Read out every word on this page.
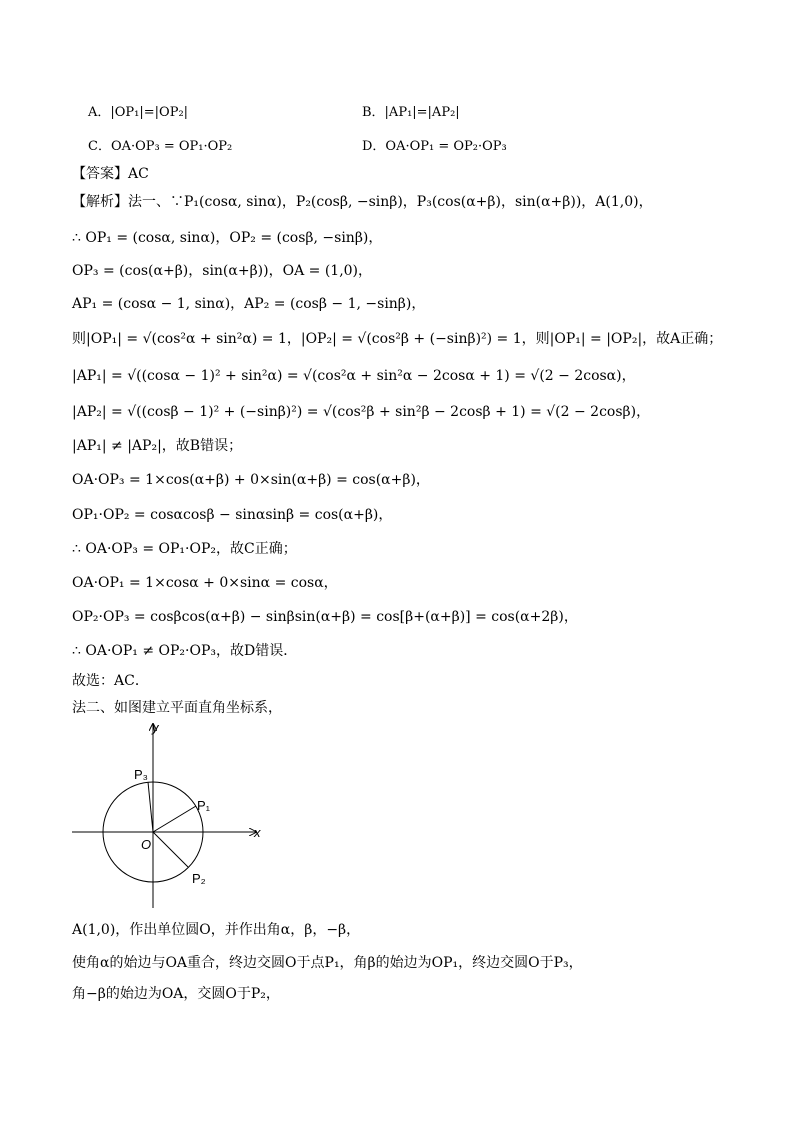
A．|OP₁|=|OP₂|	B．|AP₁|=|AP₂|
C．OA·OP₃ = OP₁·OP₂	D．OA·OP₁ = OP₂·OP₃
【答案】AC
【解析】法一、∵P₁(cosα, sinα)，P₂(cosβ, −sinβ)，P₃(cos(α+β)，sin(α+β))，A(1,0)，
∴ OP₁ = (cosα, sinα)，OP₂ = (cosβ, −sinβ)，
OP₃ = (cos(α+β)，sin(α+β))，OA = (1,0)，
AP₁ = (cosα − 1, sinα)，AP₂ = (cosβ − 1, −sinβ)，
则|OP₁| = √(cos²α + sin²α) = 1，|OP₂| = √(cos²β + (−sinβ)²) = 1，则|OP₁| = |OP₂|，故A正确；
|AP₁| = √((cosα − 1)² + sin²α) = √(cos²α + sin²α − 2cosα + 1) = √(2 − 2cosα)，
|AP₂| = √((cosβ − 1)² + (−sinβ)²) = √(cos²β + sin²β − 2cosβ + 1) = √(2 − 2cosβ)，
|AP₁| ≠ |AP₂|，故B错误；
OA·OP₃ = 1×cos(α+β) + 0×sin(α+β) = cos(α+β)，
OP₁·OP₂ = cosαcosβ − sinαsinβ = cos(α+β)，
∴ OA·OP₃ = OP₁·OP₂，故C正确；
OA·OP₁ = 1×cosα + 0×sinα = cosα，
OP₂·OP₃ = cosβcos(α+β) − sinβsin(α+β) = cos[β+(α+β)] = cos(α+2β)，
∴ OA·OP₁ ≠ OP₂·OP₃，故D错误．
故选：AC．
法二、如图建立平面直角坐标系，
y
x
O
P₁
P₂
P₃
A(1,0)，作出单位圆O，并作出角α，β，−β，
使角α的始边与OA重合，终边交圆O于点P₁，角β的始边为OP₁，终边交圆O于P₃，
角−β的始边为OA，交圆O于P₂，
